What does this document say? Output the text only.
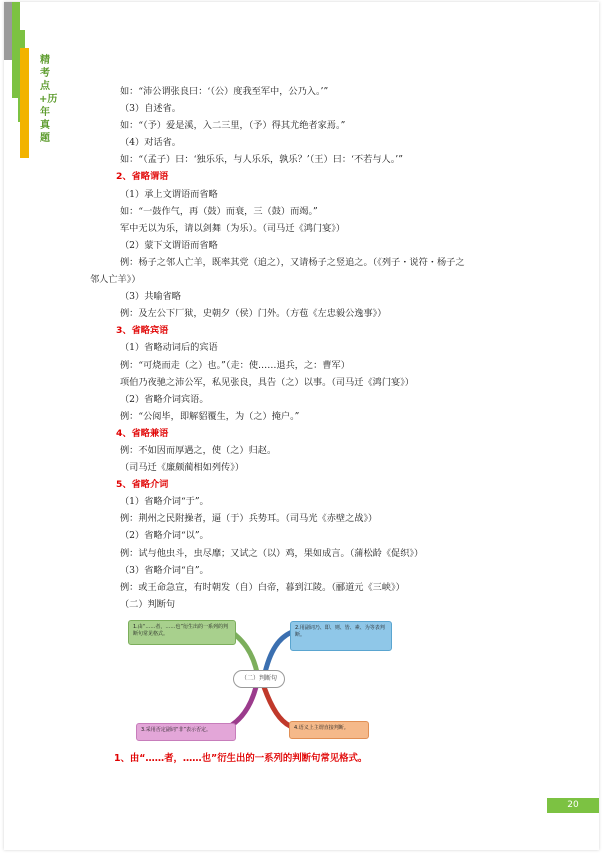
精考点+历年真题
如：“沛公谓张良曰：‘（公）度我至军中，公乃入。’”
（3）自述省。
如：“（予）爱是溪，入二三里，（予）得其尤绝者家焉。”
（4）对话省。
如：“（孟子）曰：‘独乐乐，与人乐乐，孰乐？’（王）曰：‘不若与人。’”
2、省略谓语
（1）承上文谓语而省略
如：“一鼓作气，再（鼓）而衰，三（鼓）而竭。”
军中无以为乐，请以剑舞（为乐）。（司马迁《鸿门宴》）
（2）蒙下文谓语而省略
例：杨子之邻人亡羊，既率其党（追之），又请杨子之竖追之。（《列子・说符・杨子之
邻人亡羊》）
（3）共喻省略
例：及左公下厂狱，史朝夕（侯）门外。（方苞《左忠毅公逸事》）
3、省略宾语
（1）省略动词后的宾语
例：“可烧而走（之）也。”（走：使……退兵，之：曹军）
项伯乃夜驰之沛公军，私见张良，具告（之）以事。（司马迁《鸿门宴》）
（2）省略介词宾语。
例：“公阅毕，即解貂覆生，为（之）掩户。”
4、省略兼语
例：不如因而厚遇之，使（之）归赵。
（司马迁《廉颇蔺相如列传》）
5、省略介词
（1）省略介词“于”。
例：荆州之民附操者，逼（于）兵势耳。（司马光《赤壁之战》）
（2）省略介词“以”。
例：试与他虫斗，虫尽靡；又试之（以）鸡，果如成言。（蒲松龄《促织》）
（3）省略介词“自”。
例：或王命急宣，有时朝发（自）白帝，暮到江陵。（郦道元《三峡》）
（二）判断句
1.由“……者，……也”衍生出的一系列的判断句常见格式。
2.用副词乃、即、则、皆、素、为等表判断。
3.采用否定副词“非”表示否定。	4.语义上主谓直接判断。
（二）判断句
1、由“……者，……也”衍生出的一系列的判断句常见格式。
20
